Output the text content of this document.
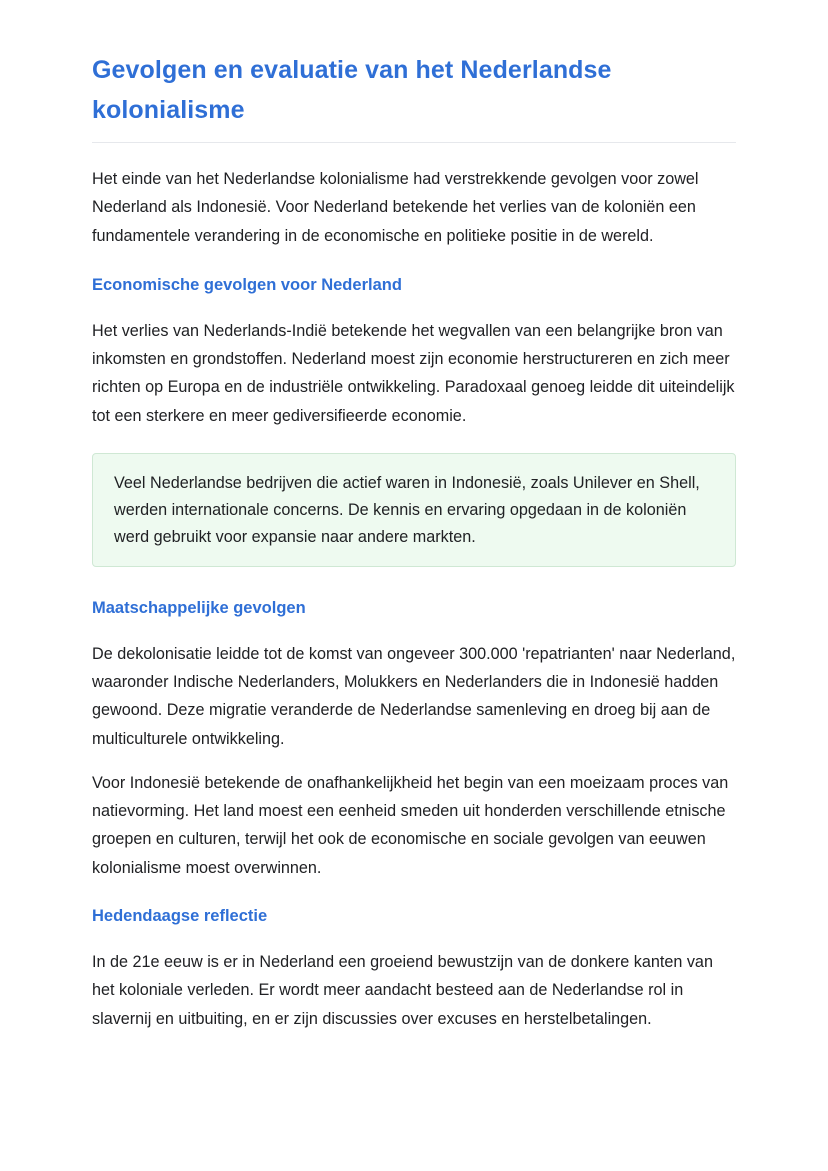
Gevolgen en evaluatie van het Nederlandse kolonialisme

Het einde van het Nederlandse kolonialisme had verstrekkende gevolgen voor zowel Nederland als Indonesië. Voor Nederland betekende het verlies van de koloniën een fundamentele verandering in de economische en politieke positie in de wereld.

Economische gevolgen voor Nederland

Het verlies van Nederlands-Indië betekende het wegvallen van een belangrijke bron van inkomsten en grondstoffen. Nederland moest zijn economie herstructureren en zich meer richten op Europa en de industriële ontwikkeling. Paradoxaal genoeg leidde dit uiteindelijk tot een sterkere en meer gediversifieerde economie.

Veel Nederlandse bedrijven die actief waren in Indonesië, zoals Unilever en Shell, werden internationale concerns. De kennis en ervaring opgedaan in de koloniën werd gebruikt voor expansie naar andere markten.

Maatschappelijke gevolgen

De dekolonisatie leidde tot de komst van ongeveer 300.000 'repatrianten' naar Nederland, waaronder Indische Nederlanders, Molukkers en Nederlanders die in Indonesië hadden gewoond. Deze migratie veranderde de Nederlandse samenleving en droeg bij aan de multiculturele ontwikkeling.

Voor Indonesië betekende de onafhankelijkheid het begin van een moeizaam proces van natievorming. Het land moest een eenheid smeden uit honderden verschillende etnische groepen en culturen, terwijl het ook de economische en sociale gevolgen van eeuwen kolonialisme moest overwinnen.

Hedendaagse reflectie

In de 21e eeuw is er in Nederland een groeiend bewustzijn van de donkere kanten van het koloniale verleden. Er wordt meer aandacht besteed aan de Nederlandse rol in slavernij en uitbuiting, en er zijn discussies over excuses en herstelbetalingen.
